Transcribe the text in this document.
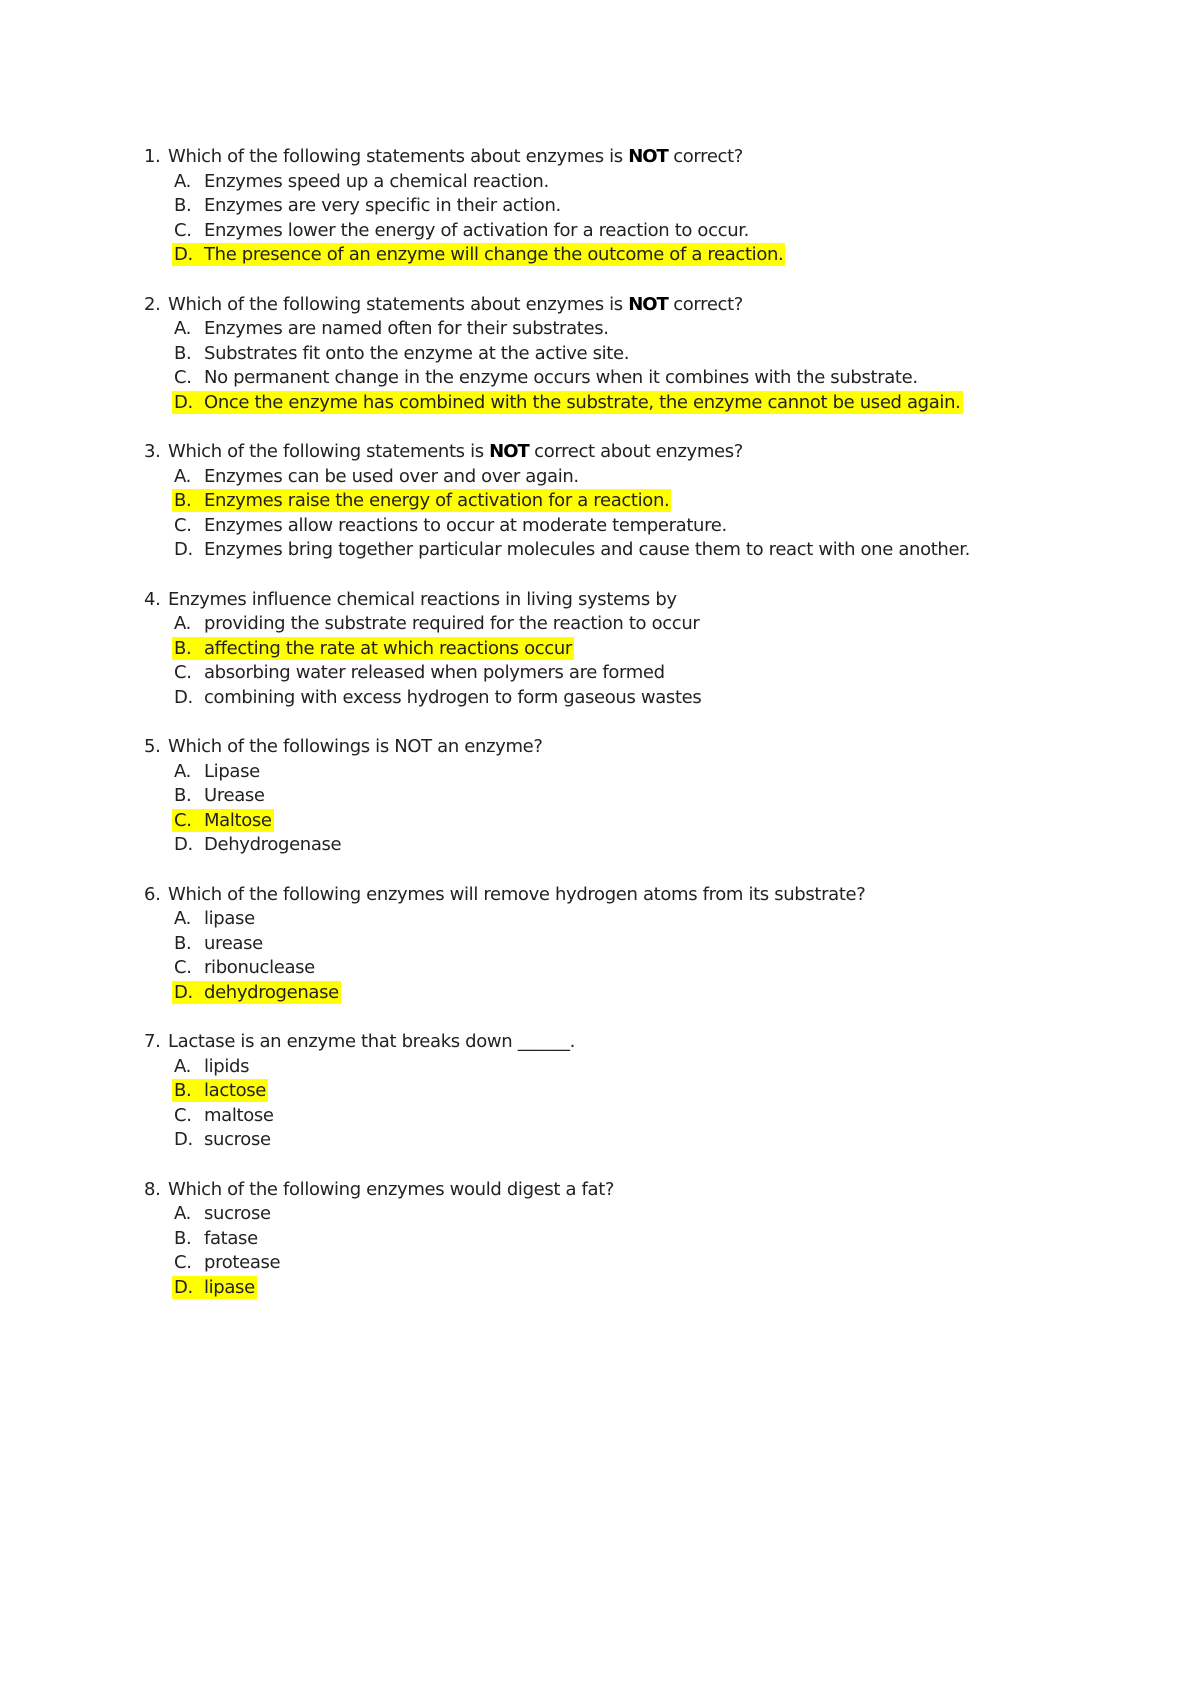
1. Which of the following statements about enzymes is NOT correct?
A. Enzymes speed up a chemical reaction.
B. Enzymes are very specific in their action.
C. Enzymes lower the energy of activation for a reaction to occur.
D. The presence of an enzyme will change the outcome of a reaction.
2. Which of the following statements about enzymes is NOT correct?
A. Enzymes are named often for their substrates.
B. Substrates fit onto the enzyme at the active site.
C. No permanent change in the enzyme occurs when it combines with the substrate.
D. Once the enzyme has combined with the substrate, the enzyme cannot be used again.
3. Which of the following statements is NOT correct about enzymes?
A. Enzymes can be used over and over again.
B. Enzymes raise the energy of activation for a reaction.
C. Enzymes allow reactions to occur at moderate temperature.
D. Enzymes bring together particular molecules and cause them to react with one another.
4. Enzymes influence chemical reactions in living systems by
A. providing the substrate required for the reaction to occur
B. affecting the rate at which reactions occur
C. absorbing water released when polymers are formed
D. combining with excess hydrogen to form gaseous wastes
5. Which of the followings is NOT an enzyme?
A. Lipase
B. Urease
C. Maltose
D. Dehydrogenase
6. Which of the following enzymes will remove hydrogen atoms from its substrate?
A. lipase
B. urease
C. ribonuclease
D. dehydrogenase
7. Lactase is an enzyme that breaks down ______.
A. lipids
B. lactose
C. maltose
D. sucrose
8. Which of the following enzymes would digest a fat?
A. sucrose
B. fatase
C. protease
D. lipase
